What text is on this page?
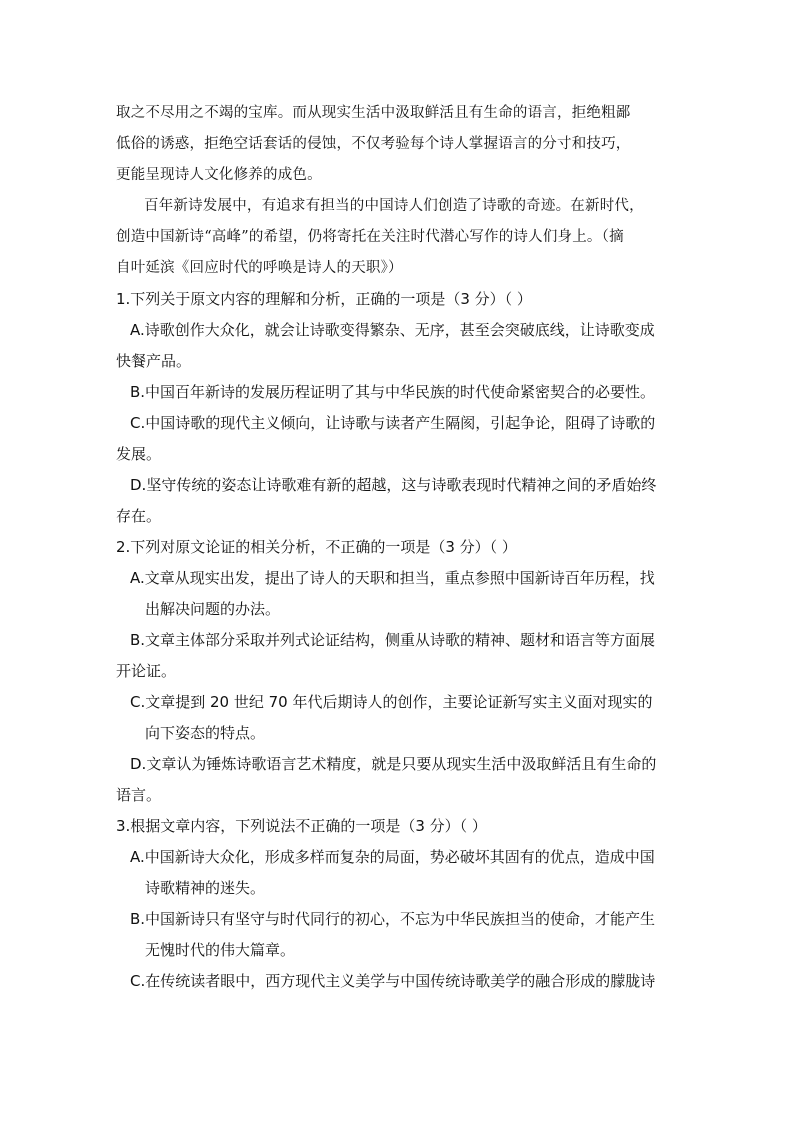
取之不尽用之不竭的宝库。而从现实生活中汲取鲜活且有生命的语言，拒绝粗鄙
低俗的诱惑，拒绝空话套话的侵蚀，不仅考验每个诗人掌握语言的分寸和技巧，
更能呈现诗人文化修养的成色。
百年新诗发展中，有追求有担当的中国诗人们创造了诗歌的奇迹。在新时代，
创造中国新诗“高峰”的希望，仍将寄托在关注时代潜心写作的诗人们身上。（摘
自叶延滨《回应时代的呼唤是诗人的天职》）
1.下列关于原文内容的理解和分析，正确的一项是（3 分）（ ）
A.诗歌创作大众化，就会让诗歌变得繁杂、无序，甚至会突破底线，让诗歌变成
快餐产品。
B.中国百年新诗的发展历程证明了其与中华民族的时代使命紧密契合的必要性。
C.中国诗歌的现代主义倾向，让诗歌与读者产生隔阂，引起争论，阻碍了诗歌的
发展。
D.坚守传统的姿态让诗歌难有新的超越，这与诗歌表现时代精神之间的矛盾始终
存在。
2.下列对原文论证的相关分析，不正确的一项是（3 分）（ ）
A.文章从现实出发，提出了诗人的天职和担当，重点参照中国新诗百年历程，找
出解决问题的办法。
B.文章主体部分采取并列式论证结构，侧重从诗歌的精神、题材和语言等方面展
开论证。
C.文章提到 20 世纪 70 年代后期诗人的创作，主要论证新写实主义面对现实的
向下姿态的特点。
D.文章认为锤炼诗歌语言艺术精度，就是只要从现实生活中汲取鲜活且有生命的
语言。
3.根据文章内容，下列说法不正确的一项是（3 分）（ ）
A.中国新诗大众化，形成多样而复杂的局面，势必破坏其固有的优点，造成中国
诗歌精神的迷失。
B.中国新诗只有坚守与时代同行的初心，不忘为中华民族担当的使命，才能产生
无愧时代的伟大篇章。
C.在传统读者眼中，西方现代主义美学与中国传统诗歌美学的融合形成的朦胧诗
